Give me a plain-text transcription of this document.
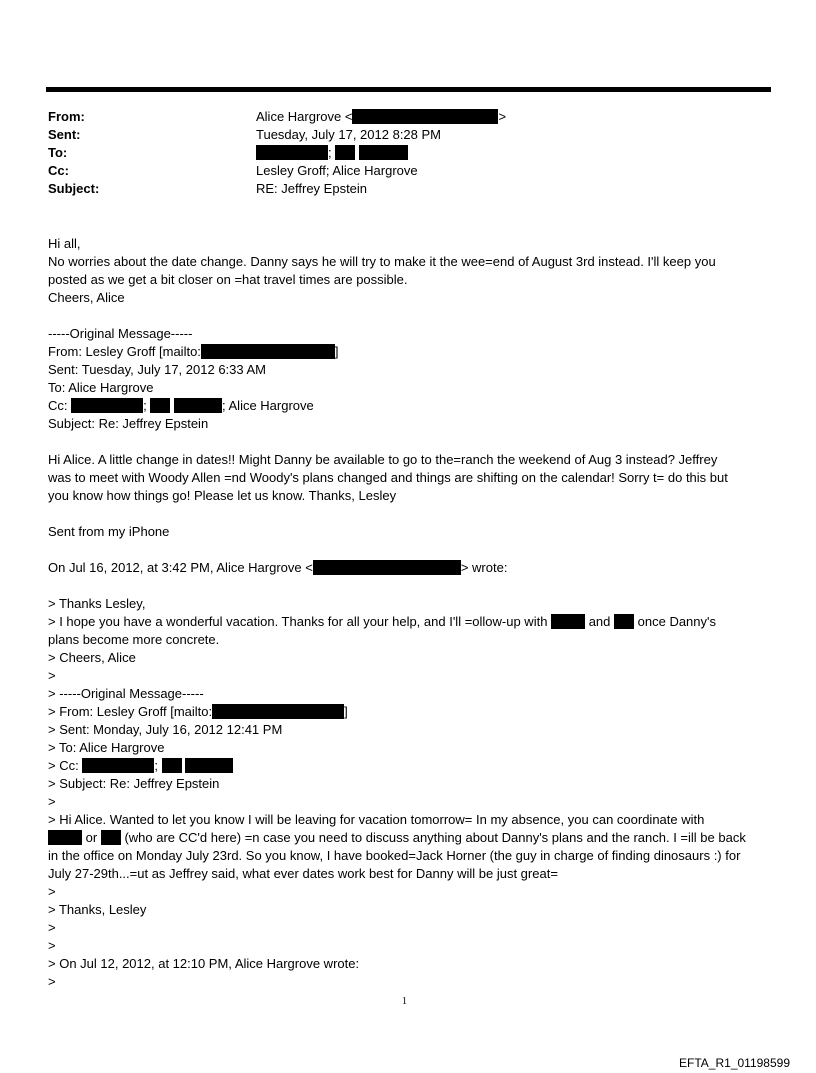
From:	Alice Hargrove <	>
Sent:	Tuesday, July 17, 2012 8:28 PM
To:	;
Cc:	Lesley Groff; Alice Hargrove
Subject:	RE: Jeffrey Epstein
Hi all,
No worries about the date change. Danny says he will try to make it the wee=end of August 3rd instead. I'll keep you
posted as we get a bit closer on =hat travel times are possible.
Cheers, Alice
-----Original Message-----
From: Lesley Groff [mailto:	]
Sent: Tuesday, July 17, 2012 6:33 AM
To: Alice Hargrove
Cc:	;	; Alice Hargrove
Subject: Re: Jeffrey Epstein
Hi Alice. A little change in dates!! Might Danny be available to go to the=ranch the weekend of Aug 3 instead? Jeffrey
was to meet with Woody Allen =nd Woody's plans changed and things are shifting on the calendar! Sorry t= do this but
you know how things go! Please let us know. Thanks, Lesley
Sent from my iPhone
On Jul 16, 2012, at 3:42 PM, Alice Hargrove <	> wrote:
> Thanks Lesley,
> I hope you have a wonderful vacation. Thanks for all your help, and I'll =ollow-up with	and once Danny's
plans become more concrete.
> Cheers, Alice
>
> -----Original Message-----
> From: Lesley Groff [mailto:	]
> Sent: Monday, July 16, 2012 12:41 PM
> To: Alice Hargrove
> Cc:	;
> Subject: Re: Jeffrey Epstein
>
> Hi Alice. Wanted to let you know I will be leaving for vacation tomorrow= In my absence, you can coordinate with
or (who are CC'd here) =n case you need to discuss anything about Danny's plans and the ranch. I =ill be back
in the office on Monday July 23rd. So you know, I have booked=Jack Horner (the guy in charge of finding dinosaurs :) for
July 27-29th...=ut as Jeffrey said, what ever dates work best for Danny will be just great=
>
> Thanks, Lesley
>
>
> On Jul 12, 2012, at 12:10 PM, Alice Hargrove wrote:
>
1
EFTA_R1_01198599
